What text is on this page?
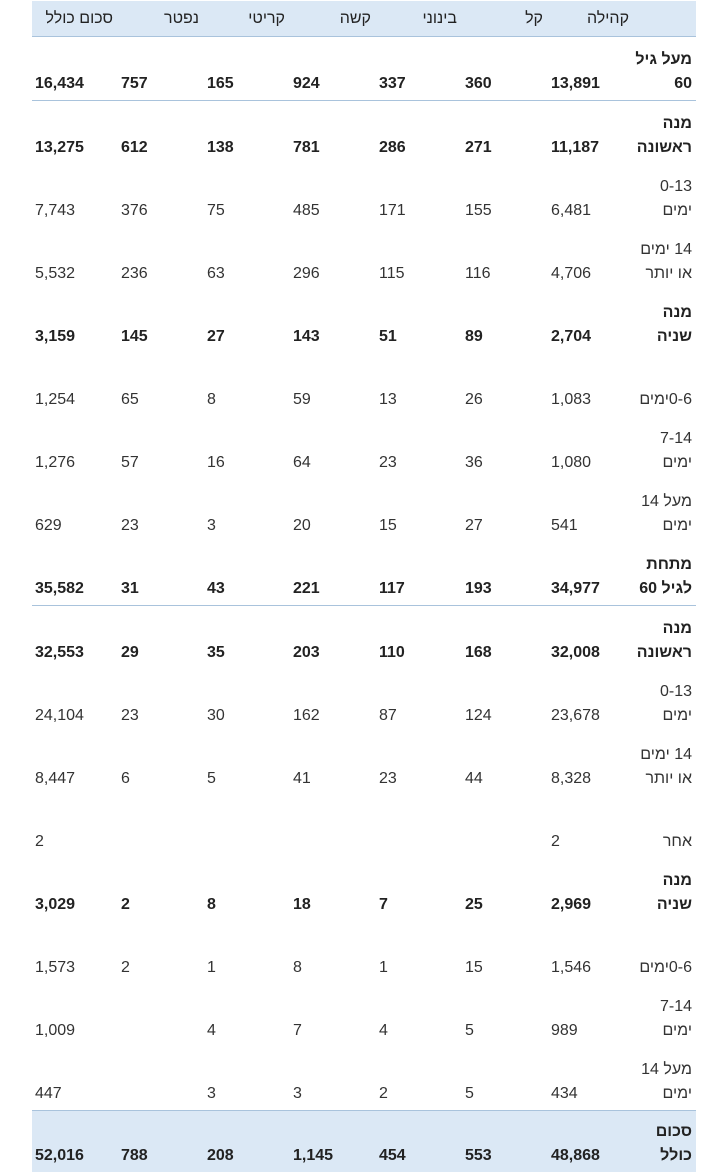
	קהילה	קל	בינוני	קשה	קריטי	נפטר	סכום כולל
מעל גיל 60	13,891	360	337	924	165	757	16,434
מנה ראשונה	11,187	271	286	781	138	612	13,275
0-13 ימים	6,481	155	171	485	75	376	7,743
14 ימים או יותר	4,706	116	115	296	63	236	5,532
מנה שניה	2,704	89	51	143	27	145	3,159
0-6ימים	1,083	26	13	59	8	65	1,254
7-14 ימים	1,080	36	23	64	16	57	1,276
מעל 14 ימים	541	27	15	20	3	23	629
מתחת לגיל 60	34,977	193	117	221	43	31	35,582
מנה ראשונה	32,008	168	110	203	35	29	32,553
0-13 ימים	23,678	124	87	162	30	23	24,104
14 ימים או יותר	8,328	44	23	41	5	6	8,447
אחר	2						2
מנה שניה	2,969	25	7	18	8	2	3,029
0-6ימים	1,546	15	1	8	1	2	1,573
7-14 ימים	989	5	4	7	4		1,009
מעל 14 ימים	434	5	2	3	3		447
סכום כולל	48,868	553	454	1,145	208	788	52,016
